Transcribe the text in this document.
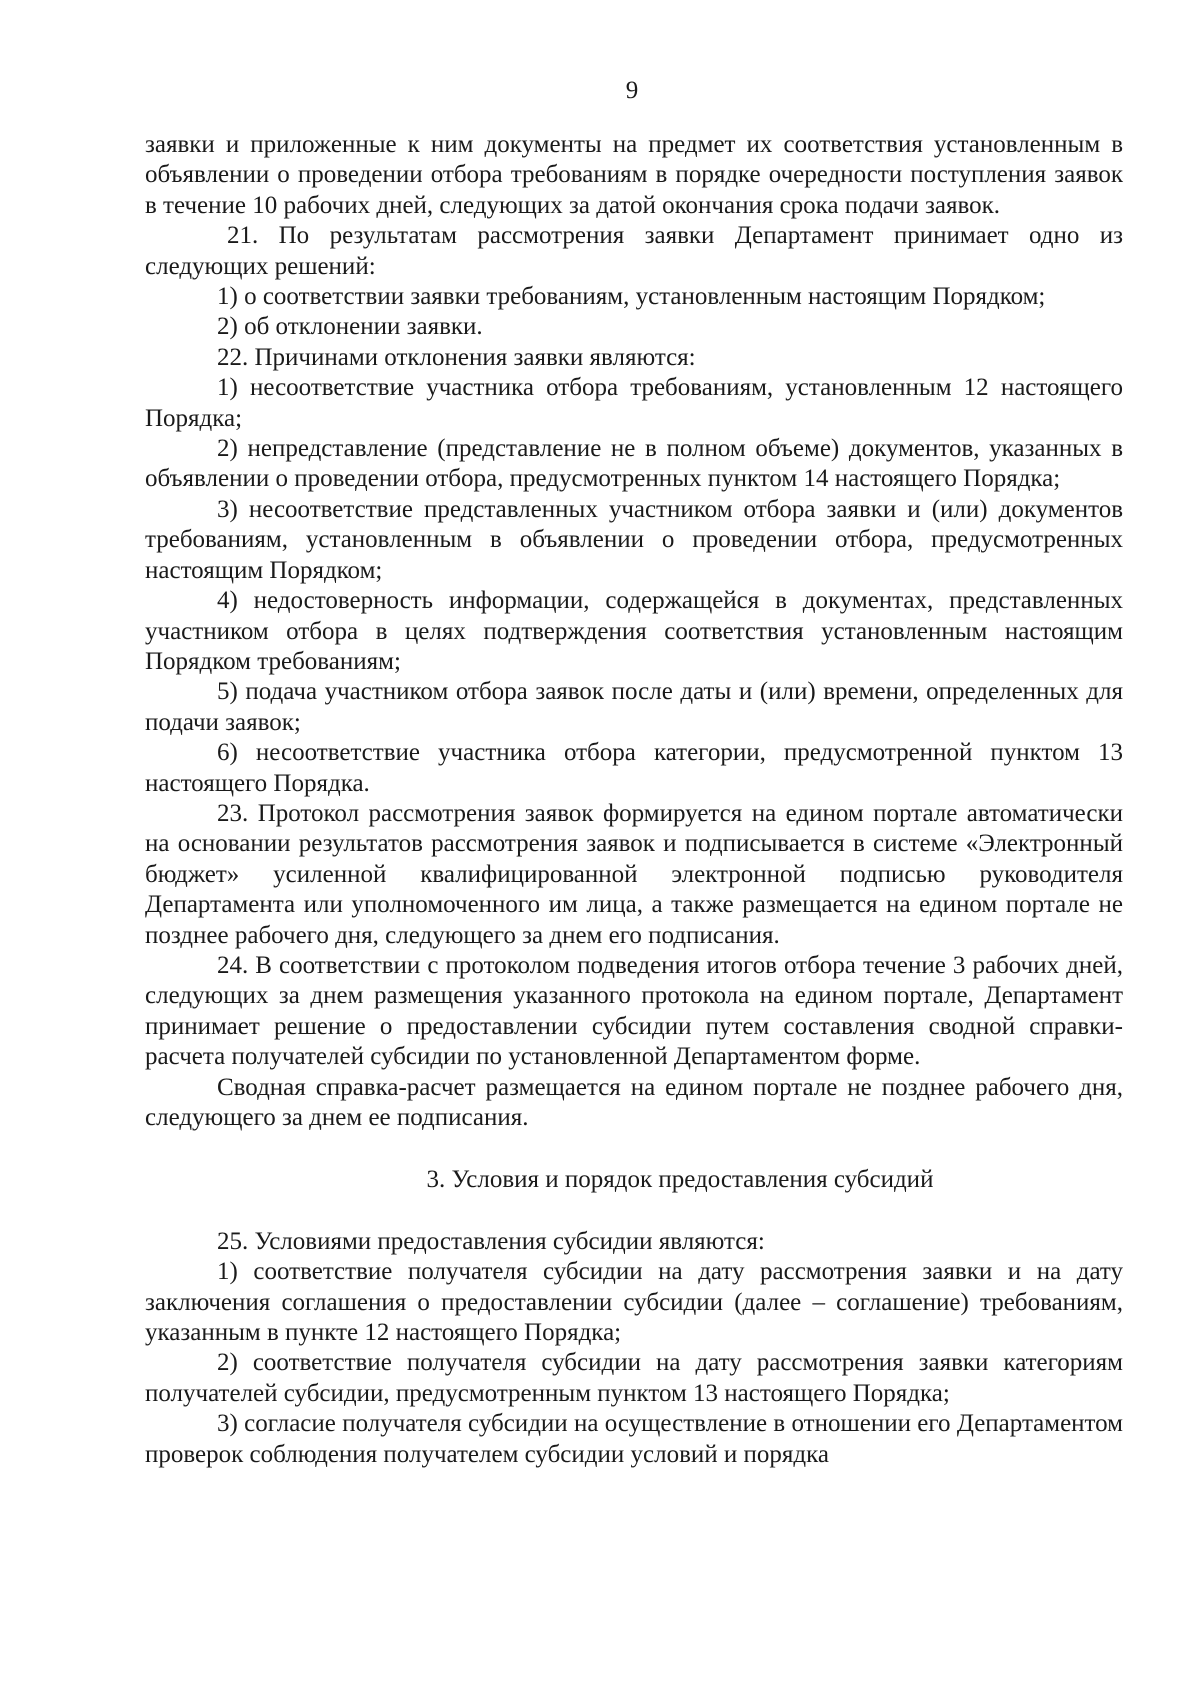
9

заявки и приложенные к ним документы на предмет их соответствия установленным в объявлении о проведении отбора требованиям в порядке очередности поступления заявок в течение 10 рабочих дней, следующих за датой окончания срока подачи заявок.

21. По результатам рассмотрения заявки Департамент принимает одно из следующих решений:

1) о соответствии заявки требованиям, установленным настоящим Порядком;

2) об отклонении заявки.

22. Причинами отклонения заявки являются:

1) несоответствие участника отбора требованиям, установленным 12 настоящего Порядка;

2) непредставление (представление не в полном объеме) документов, указанных в объявлении о проведении отбора, предусмотренных пунктом 14 настоящего Порядка;

3) несоответствие представленных участником отбора заявки и (или) документов требованиям, установленным в объявлении о проведении отбора, предусмотренных настоящим Порядком;

4) недостоверность информации, содержащейся в документах, представленных участником отбора в целях подтверждения соответствия установленным настоящим Порядком требованиям;

5) подача участником отбора заявок после даты и (или) времени, определенных для подачи заявок;

6) несоответствие участника отбора категории, предусмотренной пунктом 13 настоящего Порядка.

23. Протокол рассмотрения заявок формируется на едином портале автоматически на основании результатов рассмотрения заявок и подписывается в системе «Электронный бюджет» усиленной квалифицированной электронной подписью руководителя Департамента или уполномоченного им лица, а также размещается на едином портале не позднее рабочего дня, следующего за днем его подписания.

24. В соответствии с протоколом подведения итогов отбора течение 3 рабочих дней, следующих за днем размещения указанного протокола на едином портале, Департамент принимает решение о предоставлении субсидии путем составления сводной справки-расчета получателей субсидии по установленной Департаментом форме.

Сводная справка-расчет размещается на едином портале не позднее рабочего дня, следующего за днем ее подписания.

3. Условия и порядок предоставления субсидий

25. Условиями предоставления субсидии являются:

1) соответствие получателя субсидии на дату рассмотрения заявки и на дату заключения соглашения о предоставлении субсидии (далее – соглашение) требованиям, указанным в пункте 12 настоящего Порядка;

2) соответствие получателя субсидии на дату рассмотрения заявки категориям получателей субсидии, предусмотренным пунктом 13 настоящего Порядка;

3) согласие получателя субсидии на осуществление в отношении его Департаментом проверок соблюдения получателем субсидии условий и порядка
